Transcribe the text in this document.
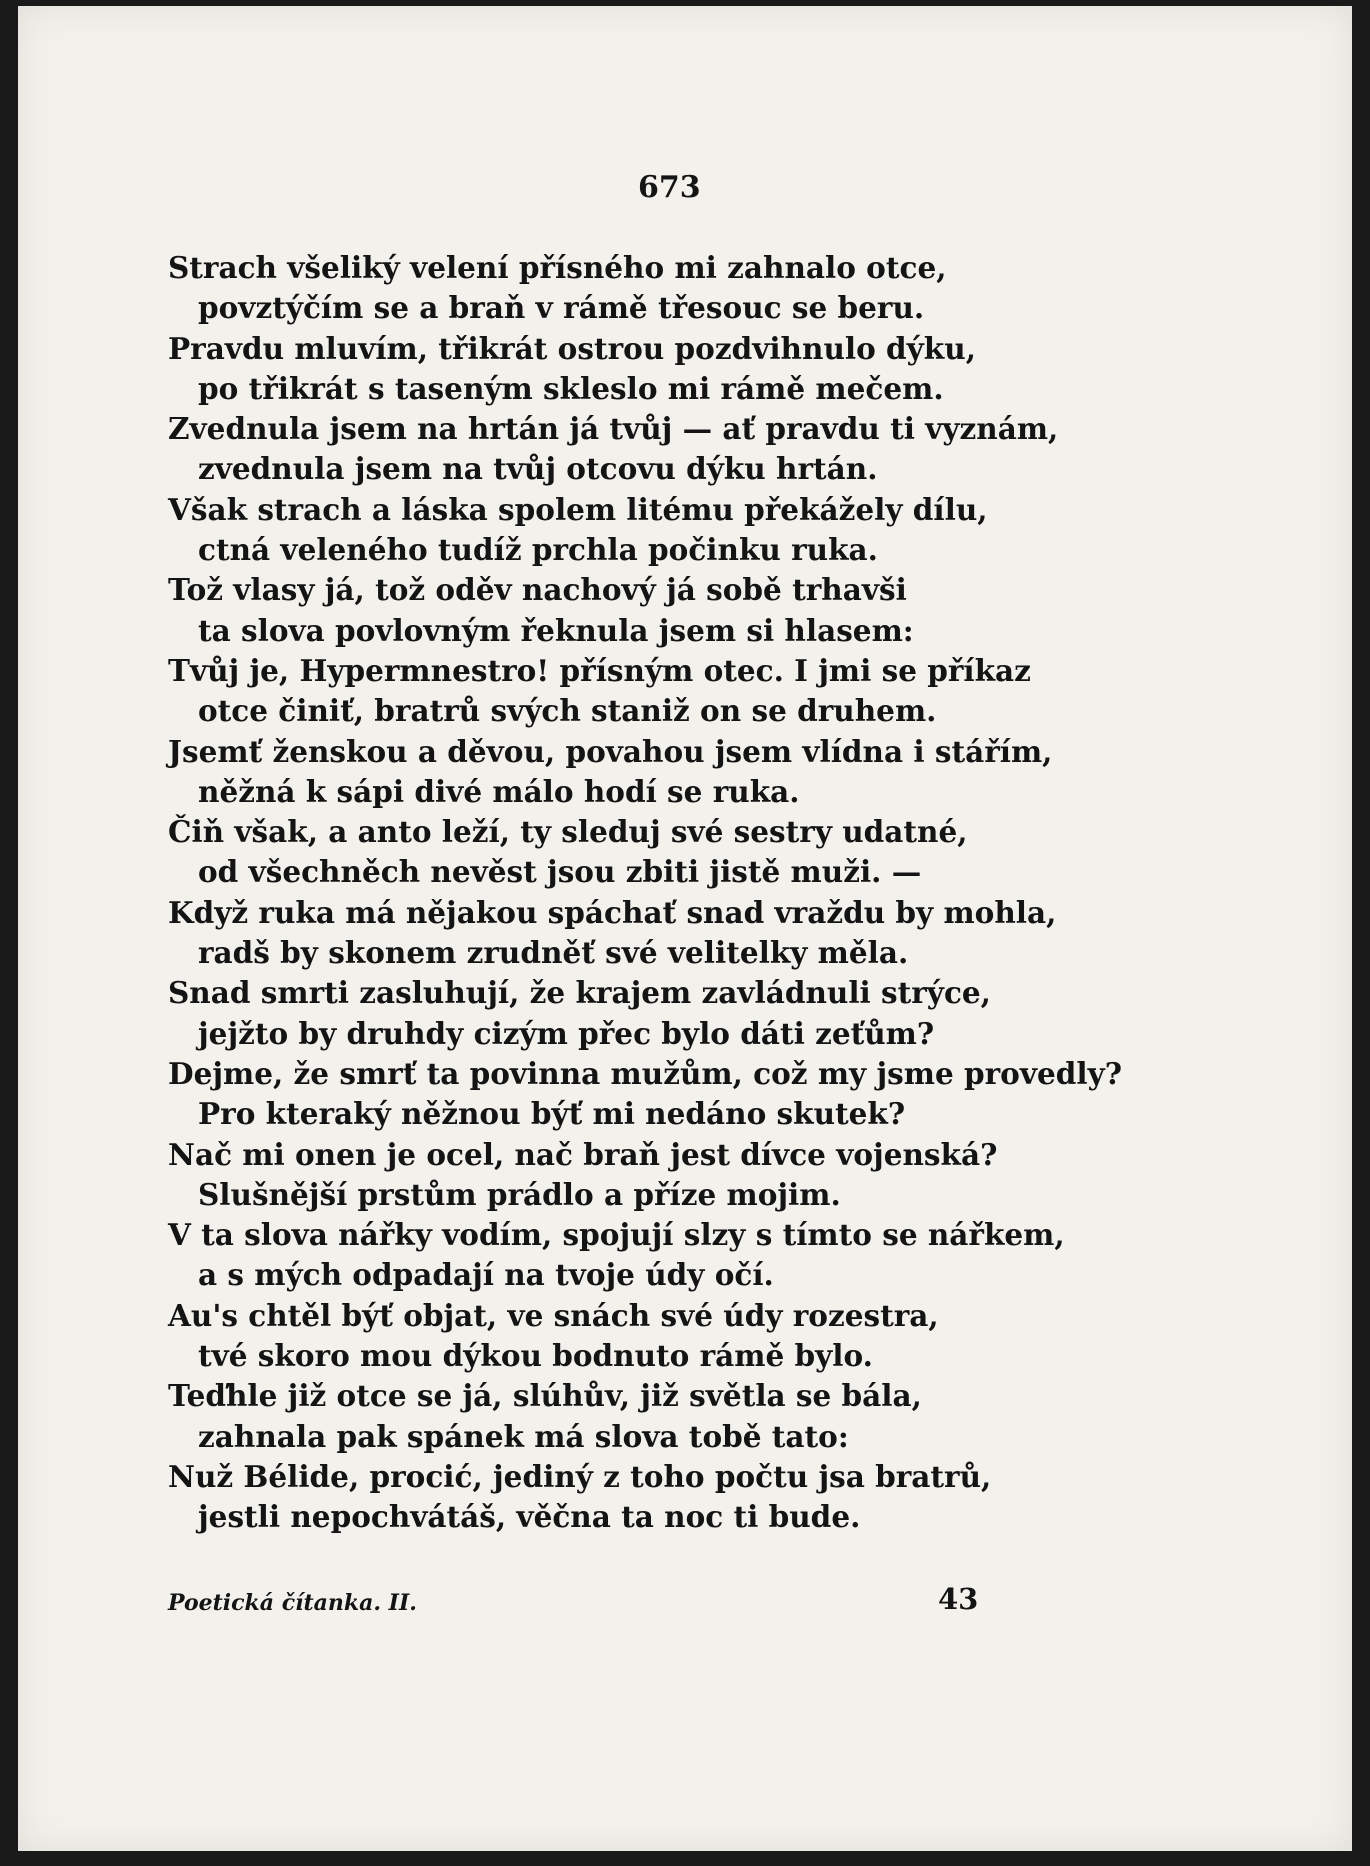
673
Strach všeliký velení přísného mi zahnalo otce,
povztýčím se a braň v rámě třesouc se beru.
Pravdu mluvím, třikrát ostrou pozdvihnulo dýku,
po třikrát s taseným skleslo mi rámě mečem.
Zvednula jsem na hrtán já tvůj — ať pravdu ti vyznám,
zvednula jsem na tvůj otcovu dýku hrtán.
Však strach a láska spolem litému překážely dílu,
ctná veleného tudíž prchla počinku ruka.
Tož vlasy já, tož oděv nachový já sobě trhavši
ta slova povlovným řeknula jsem si hlasem:
Tvůj je, Hypermnestro! přísným otec. I jmi se příkaz
otce činiť, bratrů svých staniž on se druhem.
Jsemť ženskou a děvou, povahou jsem vlídna i stářím,
něžná k sápi divé málo hodí se ruka.
Čiň však, a anto leží, ty sleduj své sestry udatné,
od všechněch nevěst jsou zbiti jistě muži. —
Když ruka má nějakou spáchať snad vraždu by mohla,
radš by skonem zrudněť své velitelky měla.
Snad smrti zasluhují, že krajem zavládnuli strýce,
jejžto by druhdy cizým přec bylo dáti zeťům?
Dejme, že smrť ta povinna mužům, což my jsme provedly?
Pro kteraký něžnou býť mi nedáno skutek?
Nač mi onen je ocel, nač braň jest dívce vojenská?
Slušnější prstům prádlo a příze mojim.
V ta slova nářky vodím, spojují slzy s tímto se nářkem,
a s mých odpadají na tvoje údy očí.
Au's chtěl býť objat, ve snách své údy rozestra,
tvé skoro mou dýkou bodnuto rámě bylo.
Teďhle již otce se já, slúhův, již světla se bála,
zahnala pak spánek má slova tobě tato:
Nuž Bélide, procić, jediný z toho počtu jsa bratrů,
jestli nepochvátáš, věčna ta noc ti bude.
Poetická čítanka. II.	43
